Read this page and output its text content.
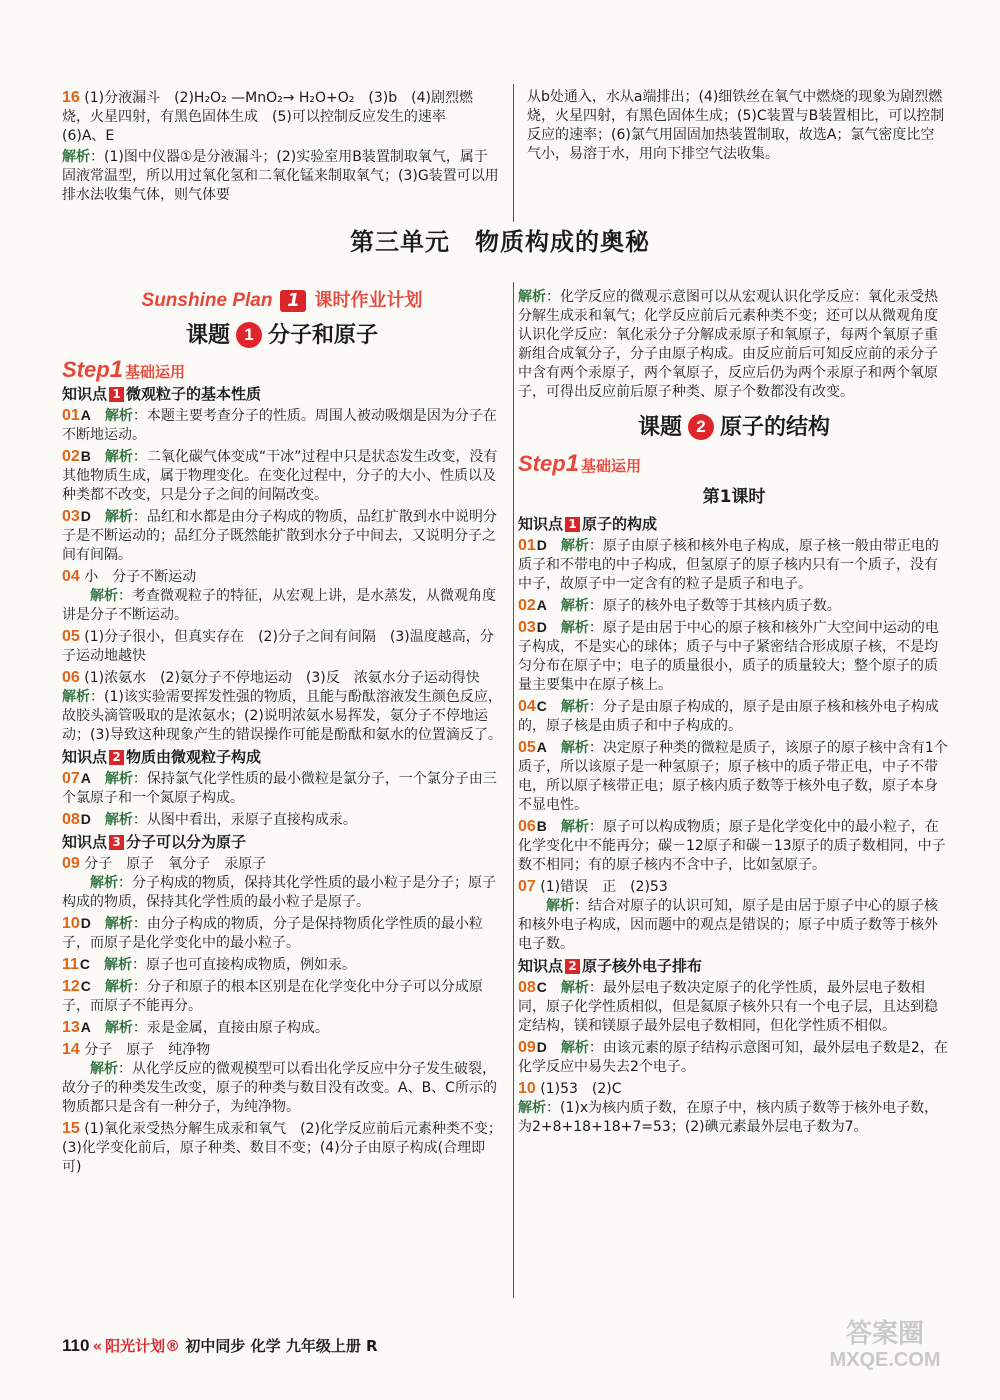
16 (1)分液漏斗　(2)H₂O₂ —MnO₂→ H₂O+O₂　(3)b　(4)剧烈燃烧，火星四射，有黑色固体生成　(5)可以控制反应发生的速率　(6)A、E
解析：(1)图中仪器①是分液漏斗；(2)实验室用B装置制取氧气，属于固液常温型，所以用过氧化氢和二氧化锰来制取氧气；(3)G装置可以用排水法收集气体，则气体要
从b处通入，水从a端排出；(4)细铁丝在氧气中燃烧的现象为剧烈燃烧，火星四射，有黑色固体生成；(5)C装置与B装置相比，可以控制反应的速率；(6)氯气用固固加热装置制取，故选A；氯气密度比空气小，易溶于水，用向下排空气法收集。
第三单元　物质构成的奥秘
Sunshine Plan 1 课时作业计划
课题 1 分子和原子
Step1 基础运用
知识点 1 微观粒子的基本性质
01A　 解析：本题主要考查分子的性质。周围人被动吸烟是因为分子在不断地运动。
02B　 解析：二氧化碳气体变成“干冰”过程中只是状态发生改变，没有其他物质生成，属于物理变化。在变化过程中，分子的大小、性质以及种类都不改变，只是分子之间的间隔改变。
03D　 解析：品红和水都是由分子构成的物质，品红扩散到水中说明分子是不断运动的；品红分子既然能扩散到水分子中间去，又说明分子之间有间隔。
04 小　分子不断运动
　　解析：考查微观粒子的特征，从宏观上讲，是水蒸发，从微观角度讲是分子不断运动。
05 (1)分子很小，但真实存在　(2)分子之间有间隔　(3)温度越高，分子运动地越快
06 (1)浓氨水　(2)氨分子不停地运动　(3)反　浓氨水分子运动得快
解析：(1)该实验需要挥发性强的物质，且能与酚酞溶液发生颜色反应，故胶头滴管吸取的是浓氨水；(2)说明浓氨水易挥发，氨分子不停地运动；(3)导致这种现象产生的错误操作可能是酚酞和氨水的位置滴反了。
知识点 2 物质由微观粒子构成
07A　 解析：保持氯气化学性质的最小微粒是氯分子，一个氯分子由三个氯原子和一个氮原子构成。
08D　 解析：从图中看出，汞原子直接构成汞。
知识点 3 分子可以分为原子
09 分子　原子　氧分子　汞原子
　　解析：分子构成的物质，保持其化学性质的最小粒子是分子；原子构成的物质，保持其化学性质的最小粒子是原子。
10D　 解析：由分子构成的物质，分子是保持物质化学性质的最小粒子，而原子是化学变化中的最小粒子。
11C　 解析：原子也可直接构成物质，例如汞。
12C　 解析：分子和原子的根本区别是在化学变化中分子可以分成原子，而原子不能再分。
13A　 解析：汞是金属，直接由原子构成。
14 分子　原子　纯净物
　　解析：从化学反应的微观模型可以看出化学反应中分子发生破裂，故分子的种类发生改变，原子的种类与数目没有改变。A、B、C所示的物质都只是含有一种分子，为纯净物。
15 (1)氧化汞受热分解生成汞和氧气　(2)化学反应前后元素种类不变；(3)化学变化前后，原子种类、数目不变；(4)分子由原子构成(合理即可)
解析：化学反应的微观示意图可以从宏观认识化学反应：氧化汞受热分解生成汞和氧气；化学反应前后元素种类不变；还可以从微观角度认识化学反应：氧化汞分子分解成汞原子和氧原子，每两个氧原子重新组合成氧分子，分子由原子构成。由反应前后可知反应前的汞分子中含有两个汞原子，两个氧原子，反应后仍为两个汞原子和两个氧原子，可得出反应前后原子种类、原子个数都没有改变。
课题 2 原子的结构
Step1 基础运用
第1课时
知识点 1 原子的构成
01D　 解析：原子由原子核和核外电子构成，原子核一般由带正电的质子和不带电的中子构成，但氢原子的原子核内只有一个质子，没有中子，故原子中一定含有的粒子是质子和电子。
02A　 解析：原子的核外电子数等于其核内质子数。
03D　 解析：原子是由居于中心的原子核和核外广大空间中运动的电子构成，不是实心的球体；质子与中子紧密结合形成原子核，不是均匀分布在原子中；电子的质量很小，质子的质量较大；整个原子的质量主要集中在原子核上。
04C　 解析：分子是由原子构成的，原子是由原子核和核外电子构成的，原子核是由质子和中子构成的。
05A　 解析：决定原子种类的微粒是质子，该原子的原子核中含有1个质子，所以该原子是一种氢原子；原子核中的质子带正电，中子不带电，所以原子核带正电；原子核内质子数等于核外电子数，原子本身不显电性。
06B　 解析：原子可以构成物质；原子是化学变化中的最小粒子，在化学变化中不能再分；碳－12原子和碳－13原子的质子数相同，中子数不相同；有的原子核内不含中子，比如氢原子。
07 (1)错误　正　(2)53
　　解析：结合对原子的认识可知，原子是由居于原子中心的原子核和核外电子构成，因而题中的观点是错误的；原子中质子数等于核外电子数。
知识点 2 原子核外电子排布
08C　 解析：最外层电子数决定原子的化学性质，最外层电子数相同，原子化学性质相似，但是氦原子核外只有一个电子层，且达到稳定结构，镁和镁原子最外层电子数相同，但化学性质不相似。
09D　 解析：由该元素的原子结构示意图可知，最外层电子数是2，在化学反应中易失去2个电子。
10 (1)53　(2)C
解析：(1)x为核内质子数，在原子中，核内质子数等于核外电子数，为2+8+18+18+7=53；(2)碘元素最外层电子数为7。
110 « 阳光计划® 初中同步 化学 九年级上册 R	答案圈
MXQE.COM
